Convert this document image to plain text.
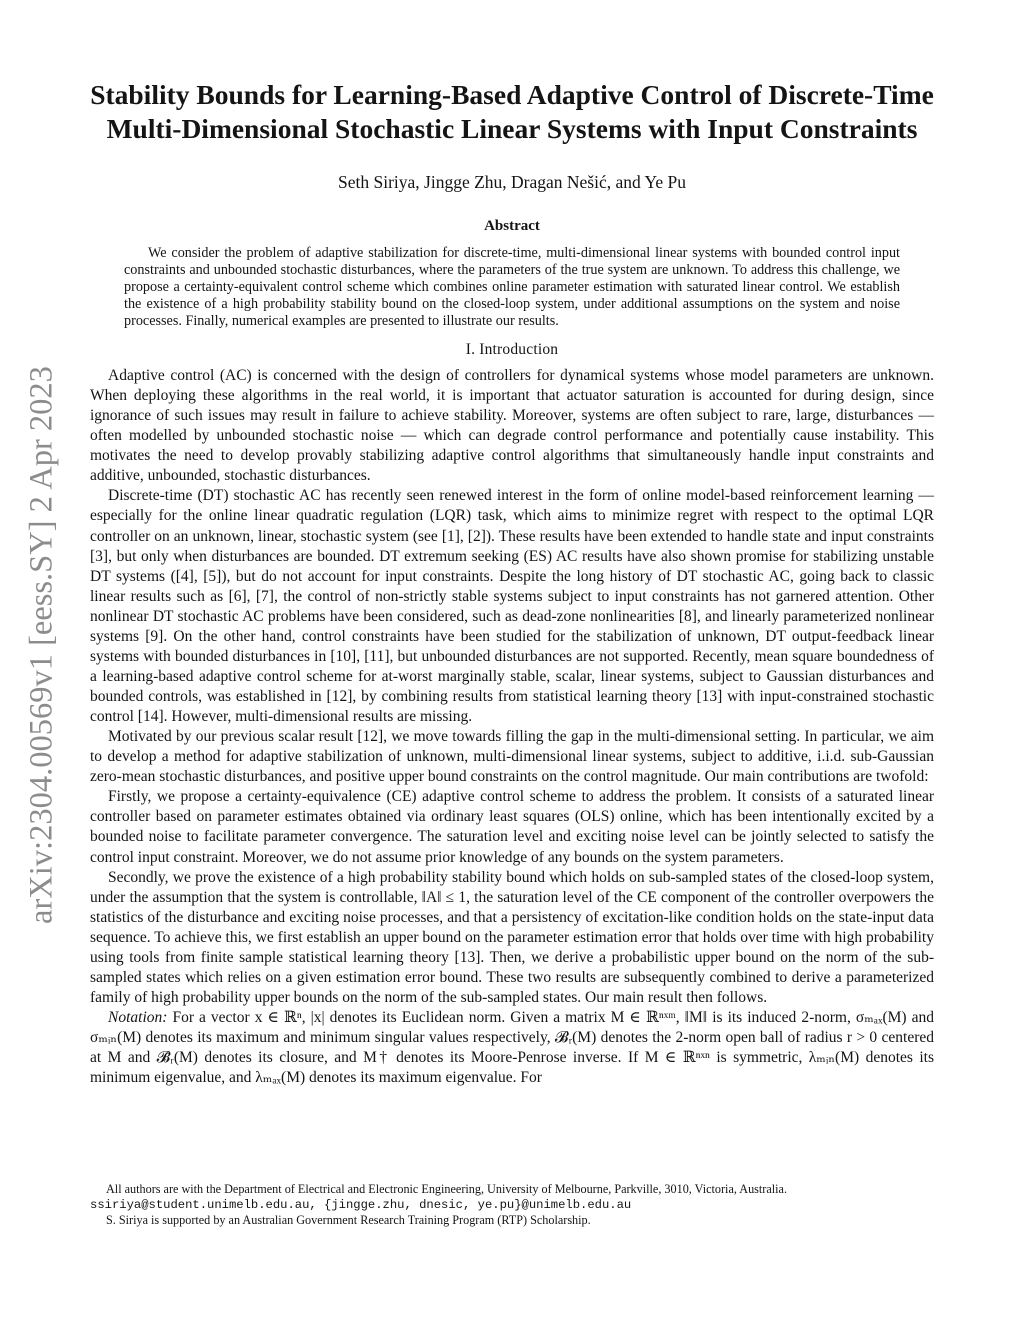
arXiv:2304.00569v1 [eess.SY] 2 Apr 2023
Stability Bounds for Learning-Based Adaptive Control of Discrete-Time
Multi-Dimensional Stochastic Linear Systems with Input Constraints
Seth Siriya, Jingge Zhu, Dragan Nešić, and Ye Pu
Abstract

We consider the problem of adaptive stabilization for discrete-time, multi-dimensional linear systems with bounded control input constraints and unbounded stochastic disturbances, where the parameters of the true system are unknown. To address this challenge, we propose a certainty-equivalent control scheme which combines online parameter estimation with saturated linear control. We establish the existence of a high probability stability bound on the closed-loop system, under additional assumptions on the system and noise processes. Finally, numerical examples are presented to illustrate our results.

I. Introduction

Adaptive control (AC) is concerned with the design of controllers for dynamical systems whose model parameters are unknown. When deploying these algorithms in the real world, it is important that actuator saturation is accounted for during design, since ignorance of such issues may result in failure to achieve stability. Moreover, systems are often subject to rare, large, disturbances — often modelled by unbounded stochastic noise — which can degrade control performance and potentially cause instability. This motivates the need to develop provably stabilizing adaptive control algorithms that simultaneously handle input constraints and additive, unbounded, stochastic disturbances.

Discrete-time (DT) stochastic AC has recently seen renewed interest in the form of online model-based reinforcement learning — especially for the online linear quadratic regulation (LQR) task, which aims to minimize regret with respect to the optimal LQR controller on an unknown, linear, stochastic system (see [1], [2]). These results have been extended to handle state and input constraints [3], but only when disturbances are bounded. DT extremum seeking (ES) AC results have also shown promise for stabilizing unstable DT systems ([4], [5]), but do not account for input constraints. Despite the long history of DT stochastic AC, going back to classic linear results such as [6], [7], the control of non-strictly stable systems subject to input constraints has not garnered attention. Other nonlinear DT stochastic AC problems have been considered, such as dead-zone nonlinearities [8], and linearly parameterized nonlinear systems [9]. On the other hand, control constraints have been studied for the stabilization of unknown, DT output-feedback linear systems with bounded disturbances in [10], [11], but unbounded disturbances are not supported. Recently, mean square boundedness of a learning-based adaptive control scheme for at-worst marginally stable, scalar, linear systems, subject to Gaussian disturbances and bounded controls, was established in [12], by combining results from statistical learning theory [13] with input-constrained stochastic control [14]. However, multi-dimensional results are missing.

Motivated by our previous scalar result [12], we move towards filling the gap in the multi-dimensional setting. In particular, we aim to develop a method for adaptive stabilization of unknown, multi-dimensional linear systems, subject to additive, i.i.d. sub-Gaussian zero-mean stochastic disturbances, and positive upper bound constraints on the control magnitude. Our main contributions are twofold:

Firstly, we propose a certainty-equivalence (CE) adaptive control scheme to address the problem. It consists of a saturated linear controller based on parameter estimates obtained via ordinary least squares (OLS) online, which has been intentionally excited by a bounded noise to facilitate parameter convergence. The saturation level and exciting noise level can be jointly selected to satisfy the control input constraint. Moreover, we do not assume prior knowledge of any bounds on the system parameters.

Secondly, we prove the existence of a high probability stability bound which holds on sub-sampled states of the closed-loop system, under the assumption that the system is controllable, ‖A‖ ≤ 1, the saturation level of the CE component of the controller overpowers the statistics of the disturbance and exciting noise processes, and that a persistency of excitation-like condition holds on the state-input data sequence. To achieve this, we first establish an upper bound on the parameter estimation error that holds over time with high probability using tools from finite sample statistical learning theory [13]. Then, we derive a probabilistic upper bound on the norm of the sub-sampled states which relies on a given estimation error bound. These two results are subsequently combined to derive a parameterized family of high probability upper bounds on the norm of the sub-sampled states. Our main result then follows.

Notation: For a vector x ∈ ℝⁿ, |x| denotes its Euclidean norm. Given a matrix M ∈ ℝⁿˣᵐ, ‖M‖ is its induced 2-norm, σₘₐₓ(M) and σₘᵢₙ(M) denotes its maximum and minimum singular values respectively, 𝓑ᵣ(M) denotes the 2-norm open ball of radius r > 0 centered at M and 𝓑̄ᵣ(M) denotes its closure, and M† denotes its Moore-Penrose inverse. If M ∈ ℝⁿˣⁿ is symmetric, λₘᵢₙ(M) denotes its minimum eigenvalue, and λₘₐₓ(M) denotes its maximum eigenvalue. For

All authors are with the Department of Electrical and Electronic Engineering, University of Melbourne, Parkville, 3010, Victoria, Australia.

ssiriya@student.unimelb.edu.au, {jingge.zhu, dnesic, ye.pu}@unimelb.edu.au

S. Siriya is supported by an Australian Government Research Training Program (RTP) Scholarship.
